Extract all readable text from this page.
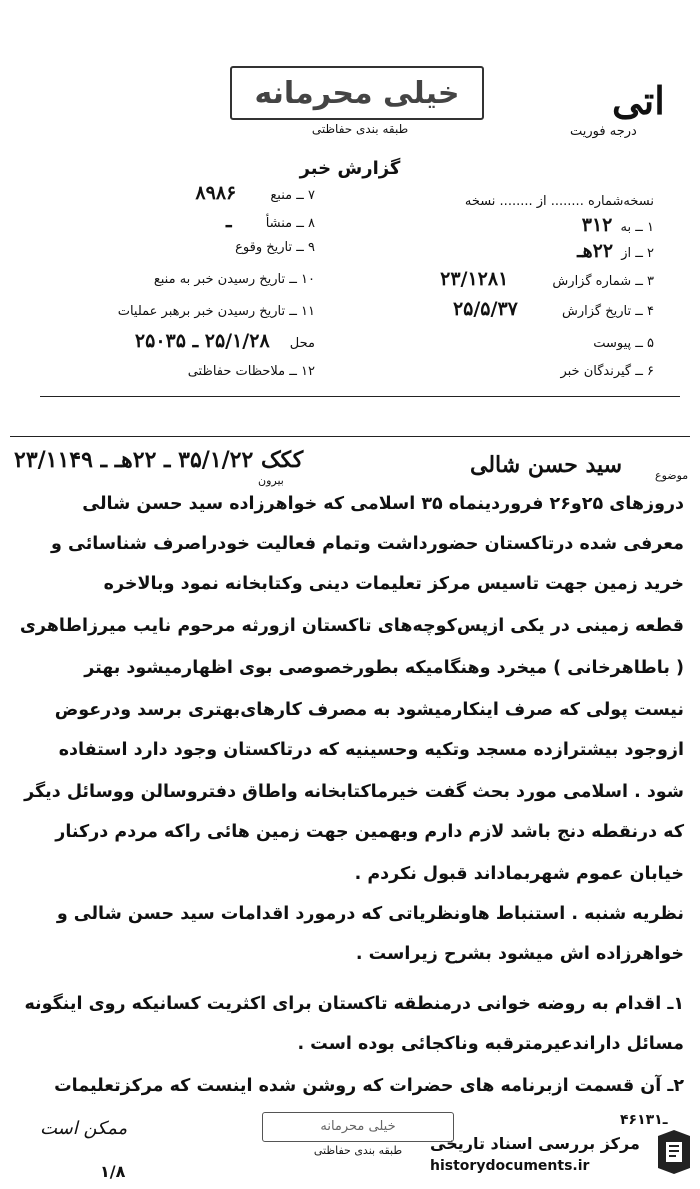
خیلی محرمانه
طبقه بندی حفاظتی
اتی
درجه فوریت
گزارش خبر
نسخه‌شماره ........ از ........ نسخه
۱ ــ به ۳۱۲
۲ ــ از ۲۲هـ
۳ ــ شماره گزارش ۲۳/۱۲۸۱
۴ ــ تاریخ گزارش ۲۵/۵/۳۷
۵ ــ پیوست
۶ ــ گیرندگان خبر
۷ ــ منبع ۸۹۸۶
۸ ــ منشأ ـ
۹ ــ تاریخ وقوع
۱۰ ــ تاریخ رسیدن خبر به منبع
۱۱ ــ تاریخ رسیدن خبر برهبر عملیات
محل ۲۵/۱/۲۸ ـ ۲۵۰۳۵
۱۲ ــ ملاحظات حفاظتی
موضوع
سید حسن شالی
ککک ۳۵/۱/۲۲ ـ ۲۲هـ ـ ۲۳/۱۱۴۹
بیرون
دروزهای ۲۵و۲۶ فروردینماه ۳۵ اسلامی که خواهرزاده سید حسن شالی
معرفی شده درتاکستان حضورداشت وتمام فعالیت خودراصرف شناسائی و
خرید زمین جهت تاسیس مرکز تعلیمات دینی وکتابخانه نمود وبالاخره
قطعه زمینی در یکی ازپس‌کوچه‌های تاکستان ازورثه مرحوم نایب میرزاطاهری
( باطاهرخانی ) میخرد وهنگامیکه بطورخصوصی بوی اظهارمیشود بهتر
نیست پولی که صرف اینکارمیشود به مصرف کارهای‌بهتری برسد ودرعوض
ازوجود بیشترازده مسجد وتکیه وحسینیه که درتاکستان وجود دارد استفاده
شود . اسلامی مورد بحث گفت خیرماکتابخانه واطاق دفتروسالن ووسائل دیگر
که درنقطه دنج باشد لازم دارم وبهمین جهت زمین هائی راکه مردم درکنار
خیابان عموم شهربماداند قبول نکردم .
نظریه شنبه . استنباط هاونظریاتی که درمورد اقدامات سید حسن شالی و
خواهرزاده اش میشود بشرح زیراست .
۱ـ اقدام به روضه خوانی درمنطقه تاکستان برای اکثریت کسانیکه روی اینگونه
مسائل داراندعیرمترقبه وناکجائی بوده است .
۲ـ آن قسمت ازبرنامه های حضرات که روشن شده اینست که مرکزتعلیمات
خیلی محرمانه
طبقه بندی حفاظتی
۴۶ـ۱۳۱
ممکن است
۱/۸
مرکز بررسی اسناد تاریخی
historydocuments.ir
